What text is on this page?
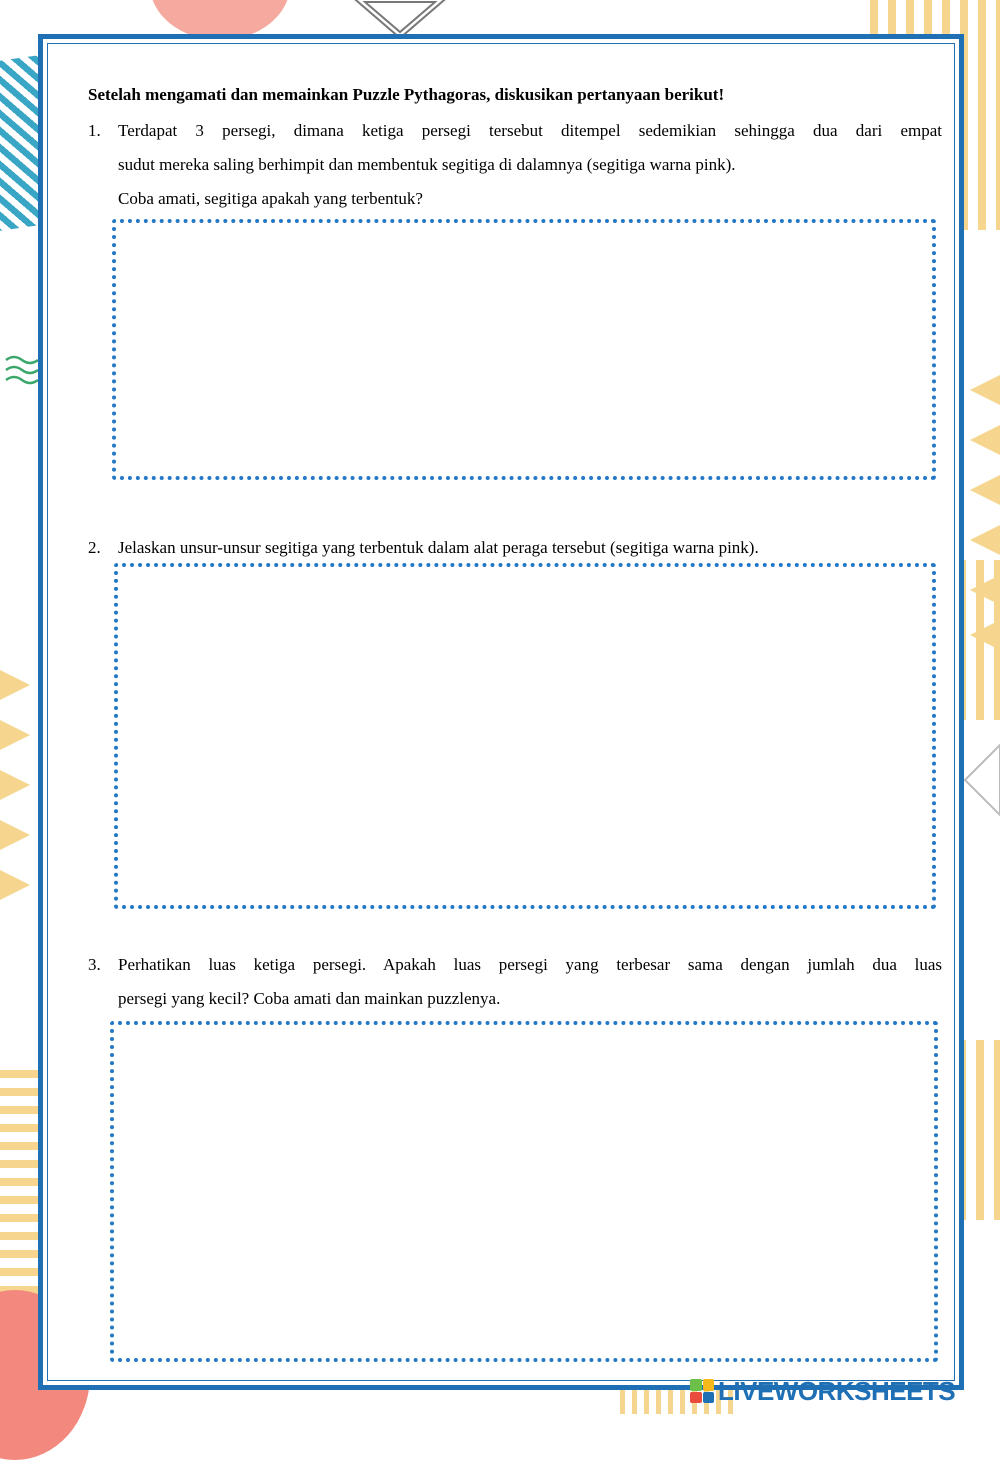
Setelah mengamati dan memainkan Puzzle Pythagoras, diskusikan pertanyaan berikut!
1. Terdapat 3 persegi, dimana ketiga persegi tersebut ditempel sedemikian sehingga dua dari empat

sudut mereka saling berhimpit dan membentuk segitiga di dalamnya (segitiga warna pink).

Coba amati, segitiga apakah yang terbentuk?

2. Jelaskan unsur-unsur segitiga yang terbentuk dalam alat peraga tersebut (segitiga warna pink).

3. Perhatikan luas ketiga persegi. Apakah luas persegi yang terbesar sama dengan jumlah dua luas

persegi yang kecil? Coba amati dan mainkan puzzlenya.

LIVEWORKSHEETS
